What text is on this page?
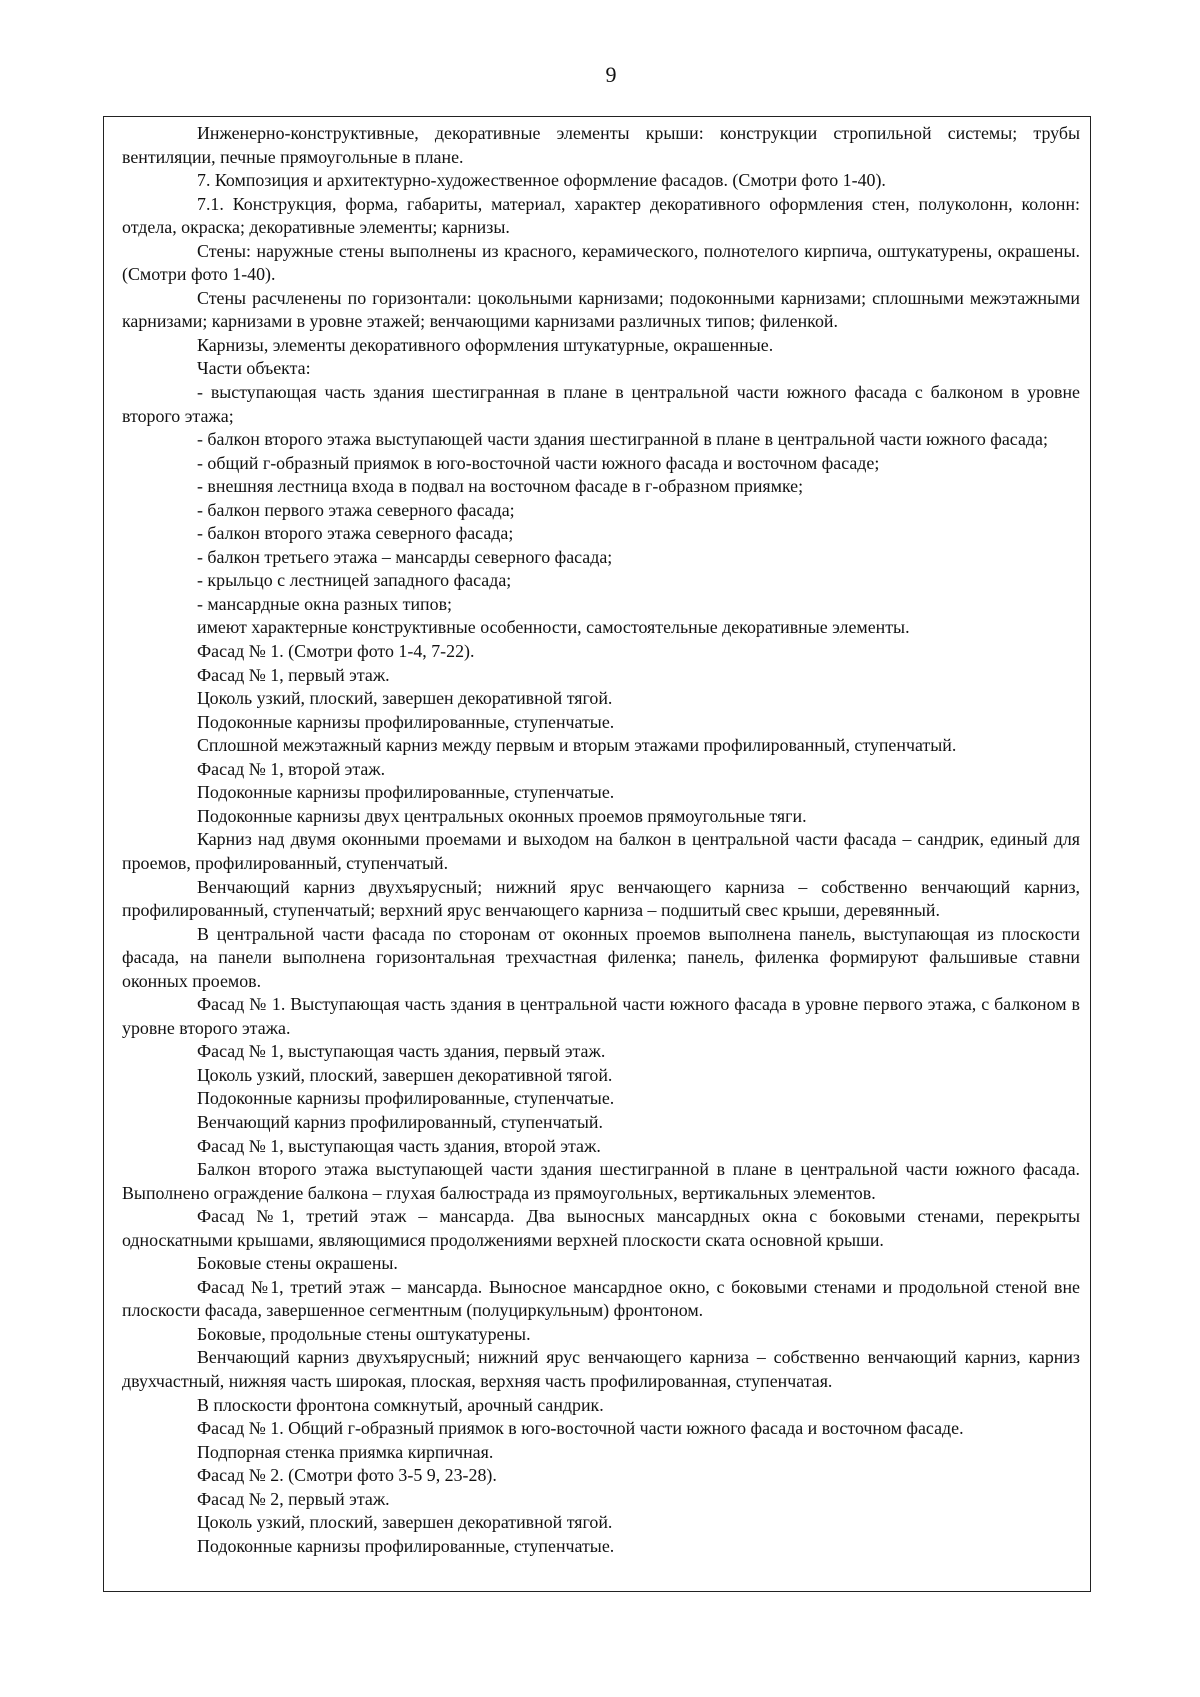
9

Инженерно-конструктивные, декоративные элементы крыши: конструкции стропильной системы; трубы вентиляции, печные прямоугольные в плане.

7. Композиция и архитектурно-художественное оформление фасадов. (Смотри фото 1-40).

7.1. Конструкция, форма, габариты, материал, характер декоративного оформления стен, полуколонн, колонн: отдела, окраска; декоративные элементы; карнизы.

Стены: наружные стены выполнены из красного, керамического, полнотелого кирпича, оштукатурены, окрашены. (Смотри фото 1-40).

Стены расчленены по горизонтали: цокольными карнизами; подоконными карнизами; сплошными межэтажными карнизами; карнизами в уровне этажей; венчающими карнизами различных типов; филенкой.

Карнизы, элементы декоративного оформления штукатурные, окрашенные.

Части объекта:

- выступающая часть здания шестигранная в плане в центральной части южного фасада с балконом в уровне второго этажа;

- балкон второго этажа выступающей части здания шестигранной в плане в центральной части южного фасада;

- общий г-образный приямок в юго-восточной части южного фасада и восточном фасаде;

- внешняя лестница входа в подвал на восточном фасаде в г-образном приямке;

- балкон первого этажа северного фасада;

- балкон второго этажа северного фасада;

- балкон третьего этажа – мансарды северного фасада;

- крыльцо с лестницей западного фасада;

- мансардные окна разных типов;

имеют характерные конструктивные особенности, самостоятельные декоративные элементы.

Фасад № 1. (Смотри фото 1-4, 7-22).

Фасад № 1, первый этаж.

Цоколь узкий, плоский, завершен декоративной тягой.

Подоконные карнизы профилированные, ступенчатые.

Сплошной межэтажный карниз между первым и вторым этажами профилированный, ступенчатый.

Фасад № 1, второй этаж.

Подоконные карнизы профилированные, ступенчатые.

Подоконные карнизы двух центральных оконных проемов прямоугольные тяги.

Карниз над двумя оконными проемами и выходом на балкон в центральной части фасада – сандрик, единый для проемов, профилированный, ступенчатый.

Венчающий карниз двухъярусный; нижний ярус венчающего карниза – собственно венчающий карниз, профилированный, ступенчатый; верхний ярус венчающего карниза – подшитый свес крыши, деревянный.

В центральной части фасада по сторонам от оконных проемов выполнена панель, выступающая из плоскости фасада, на панели выполнена горизонтальная трехчастная филенка; панель, филенка формируют фальшивые ставни оконных проемов.

Фасад № 1. Выступающая часть здания в центральной части южного фасада в уровне первого этажа, с балконом в уровне второго этажа.

Фасад № 1, выступающая часть здания, первый этаж.

Цоколь узкий, плоский, завершен декоративной тягой.

Подоконные карнизы профилированные, ступенчатые.

Венчающий карниз профилированный, ступенчатый.

Фасад № 1, выступающая часть здания, второй этаж.

Балкон второго этажа выступающей части здания шестигранной в плане в центральной части южного фасада. Выполнено ограждение балкона – глухая балюстрада из прямоугольных, вертикальных элементов.

Фасад №1, третий этаж – мансарда. Два выносных мансардных окна с боковыми стенами, перекрыты односкатными крышами, являющимися продолжениями верхней плоскости ската основной крыши.

Боковые стены окрашены.

Фасад №1, третий этаж – мансарда. Выносное мансардное окно, с боковыми стенами и продольной стеной вне плоскости фасада, завершенное сегментным (полуциркульным) фронтоном.

Боковые, продольные стены оштукатурены.

Венчающий карниз двухъярусный; нижний ярус венчающего карниза – собственно венчающий карниз, карниз двухчастный, нижняя часть широкая, плоская, верхняя часть профилированная, ступенчатая.

В плоскости фронтона сомкнутый, арочный сандрик.

Фасад № 1. Общий г-образный приямок в юго-восточной части южного фасада и восточном фасаде.

Подпорная стенка приямка кирпичная.

Фасад № 2. (Смотри фото 3-5 9, 23-28).

Фасад № 2, первый этаж.

Цоколь узкий, плоский, завершен декоративной тягой.

Подоконные карнизы профилированные, ступенчатые.
